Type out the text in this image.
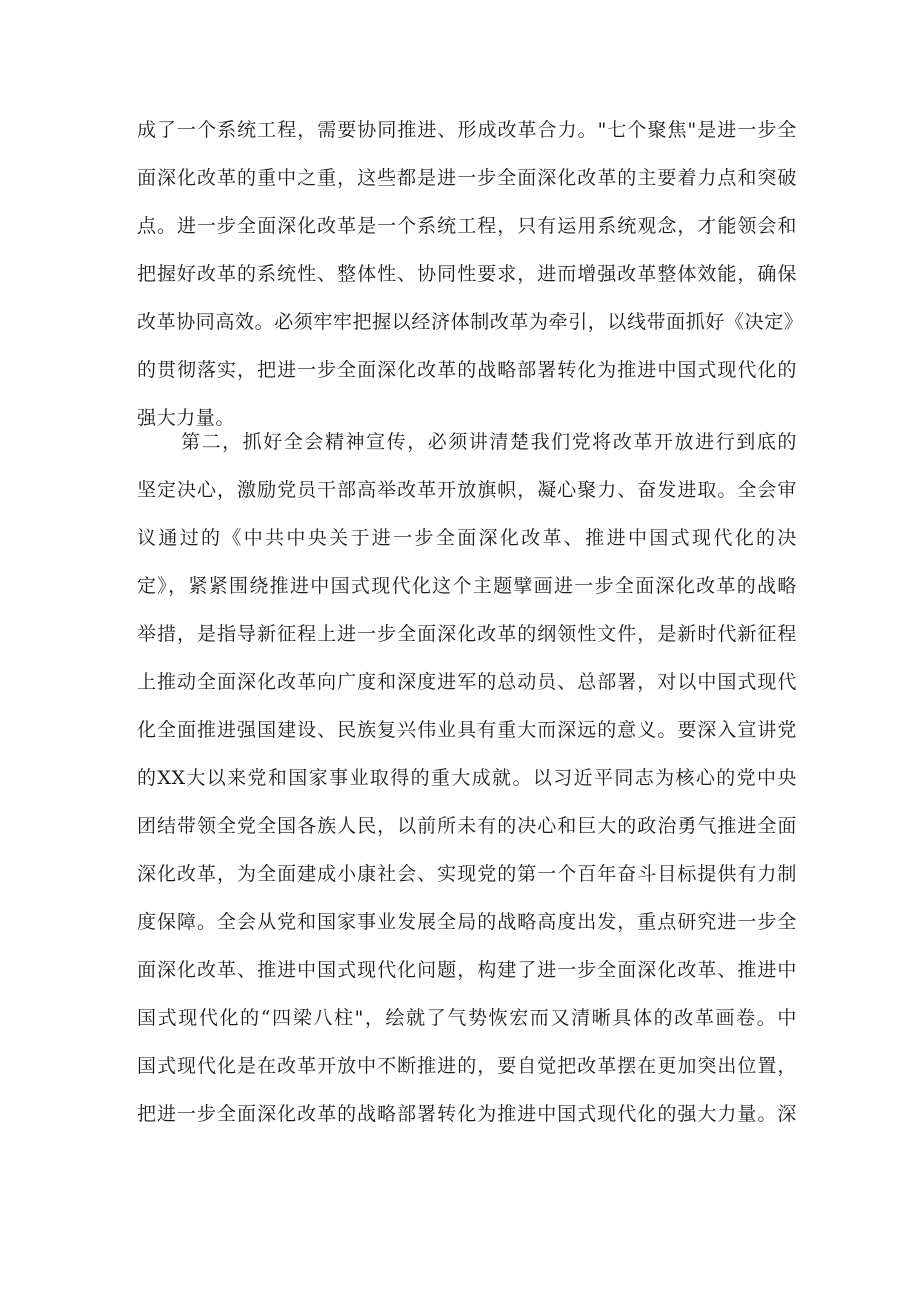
成了一个系统工程，需要协同推进、形成改革合力。"七个聚焦"是进一步全
面深化改革的重中之重，这些都是进一步全面深化改革的主要着力点和突破
点。进一步全面深化改革是一个系统工程，只有运用系统观念，才能领会和
把握好改革的系统性、整体性、协同性要求，进而增强改革整体效能，确保
改革协同高效。必须牢牢把握以经济体制改革为牵引，以线带面抓好《决定》
的贯彻落实，把进一步全面深化改革的战略部署转化为推进中国式现代化的
强大力量。
第二，抓好全会精神宣传，必须讲清楚我们党将改革开放进行到底的
坚定决心，激励党员干部高举改革开放旗帜，凝心聚力、奋发进取。全会审
议通过的《中共中央关于进一步全面深化改革、推进中国式现代化的决
定》，紧紧围绕推进中国式现代化这个主题擘画进一步全面深化改革的战略
举措，是指导新征程上进一步全面深化改革的纲领性文件，是新时代新征程
上推动全面深化改革向广度和深度进军的总动员、总部署，对以中国式现代
化全面推进强国建设、民族复兴伟业具有重大而深远的意义。要深入宣讲党
的XX大以来党和国家事业取得的重大成就。以习近平同志为核心的党中央
团结带领全党全国各族人民，以前所未有的决心和巨大的政治勇气推进全面
深化改革，为全面建成小康社会、实现党的第一个百年奋斗目标提供有力制
度保障。全会从党和国家事业发展全局的战略高度出发，重点研究进一步全
面深化改革、推进中国式现代化问题，构建了进一步全面深化改革、推进中
国式现代化的“四梁八柱"，绘就了气势恢宏而又清晰具体的改革画卷。中
国式现代化是在改革开放中不断推进的，要自觉把改革摆在更加突出位置，
把进一步全面深化改革的战略部署转化为推进中国式现代化的强大力量。深
